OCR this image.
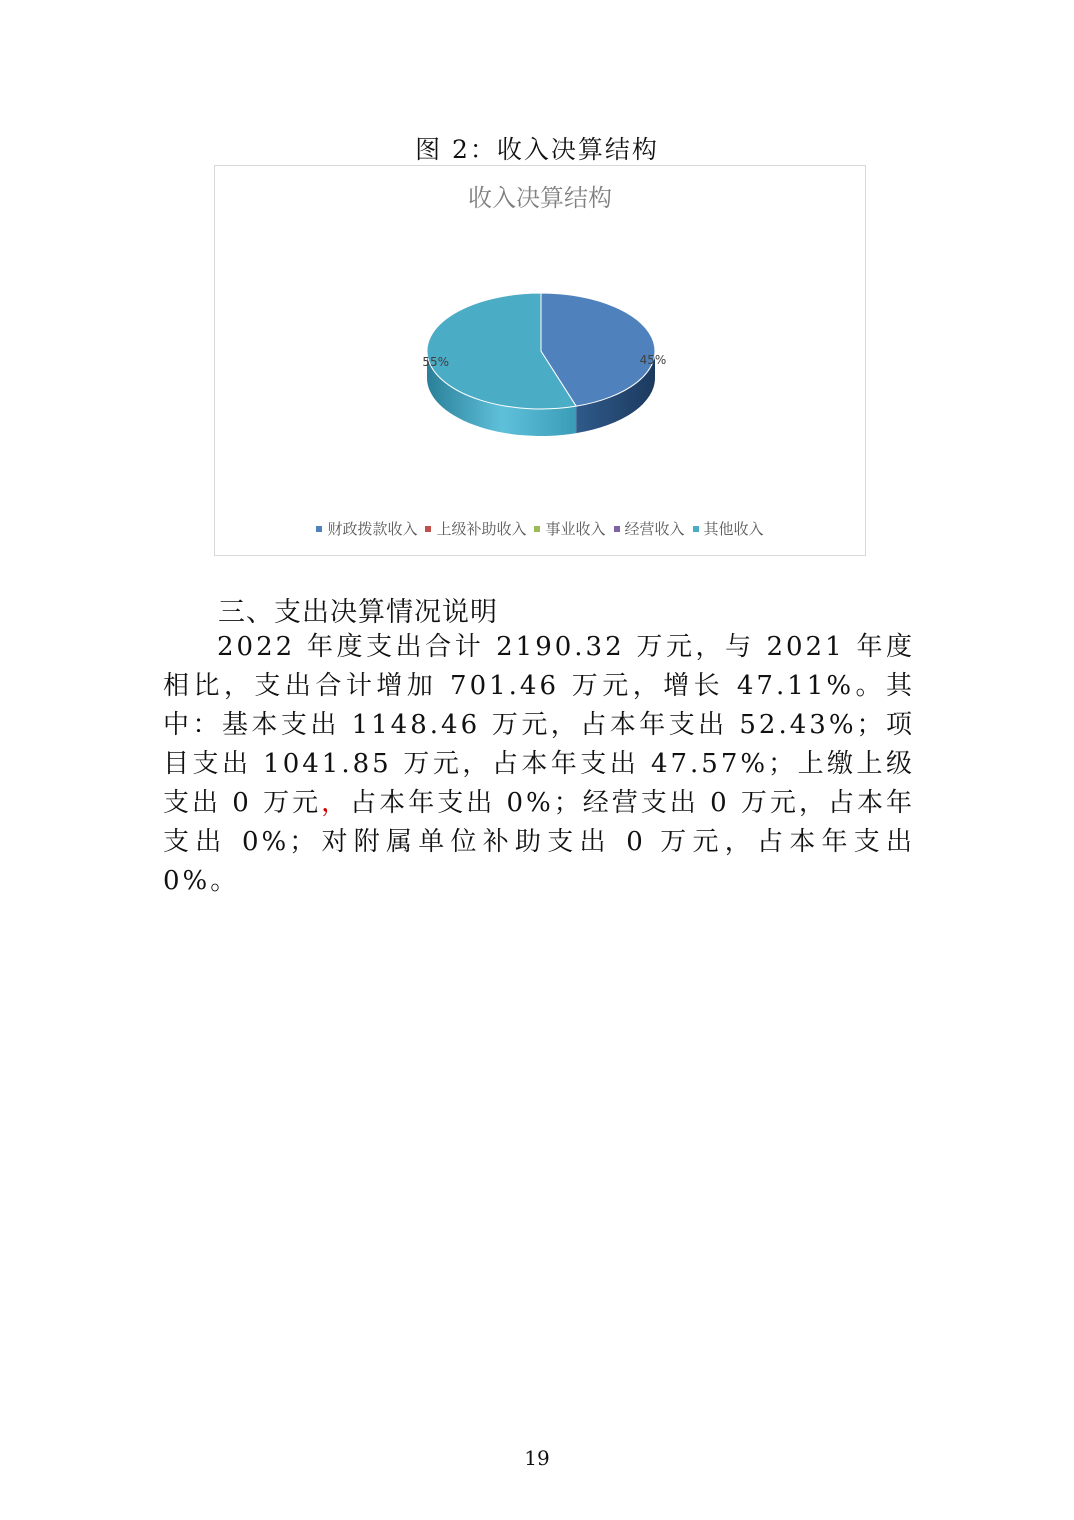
图 2：收入决算结构
收入决算结构
45%
55%
财政拨款收入 上级补助收入 事业收入 经营收入 其他收入
三、支出决算情况说明

2022 年度支出合计 2190.32 万元，与 2021 年度相比，支出合计增加 701.46 万元，增长 47.11%。其中：基本支出 1148.46 万元，占本年支出 52.43%；项目支出 1041.85 万元，占本年支出 47.57%；上缴上级支出 0 万元，占本年支出 0%；经营支出 0 万元，占本年支出 0%；对附属单位补助支出 0 万元，占本年支出 0%。

19
